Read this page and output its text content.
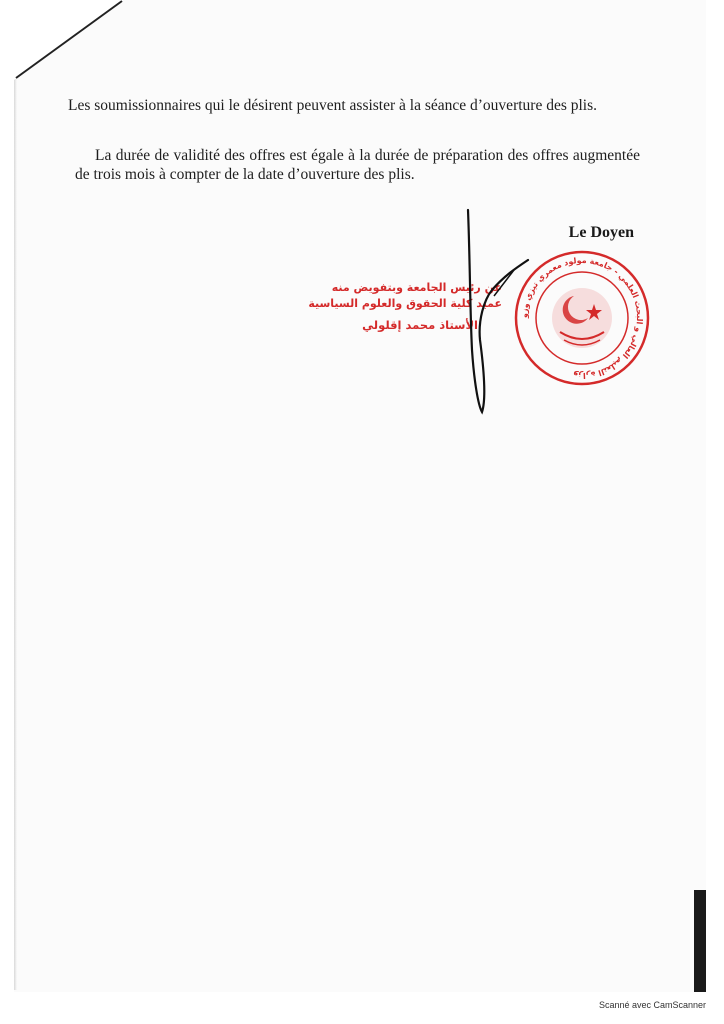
Les soumissionnaires qui le désirent peuvent assister à la séance d’ouverture des plis.

La durée de validité des offres est égale à la durée de préparation des offres augmentée de trois mois à compter de la date d’ouverture des plis.

Le Doyen
عن رئيس الجامعة وبتفويض منه
عميد كلية الحقوق والعلوم السياسية
الأستاذ محمد إقلولي
وزارة التعليم العالي و البحث العلمي - جامعة مولود معمري تيزي وزو
Scanné avec CamScanner
